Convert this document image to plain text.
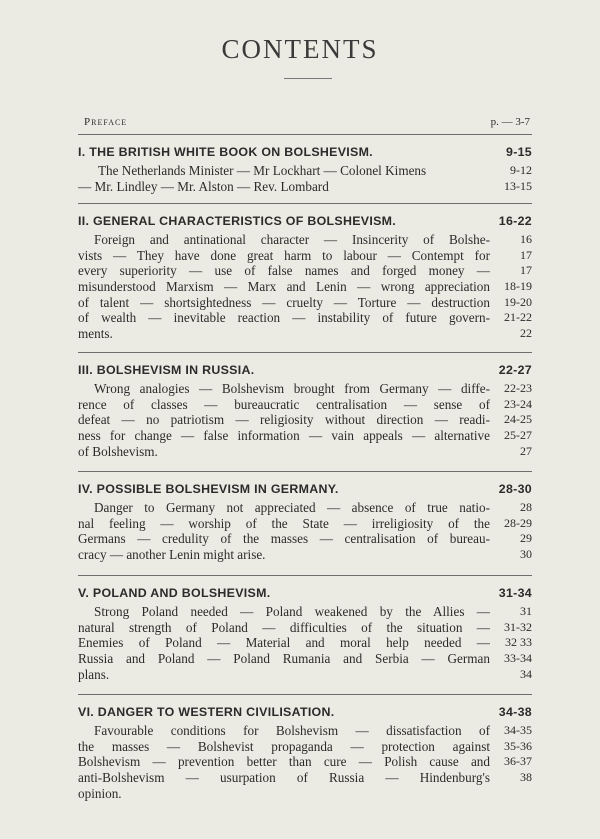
CONTENTS
Preface	p. — 3-7
I. THE BRITISH WHITE BOOK ON BOLSHEVISM.	9-15
The Netherlands Minister — Mr Lockhart — Colonel Kimens	9-12
— Mr. Lindley — Mr. Alston — Rev. Lombard	13-15
II. GENERAL CHARACTERISTICS OF BOLSHEVISM.	16-22
Foreign and antinational character — Insincerity of Bolshe-	16
vists — They have done great harm to labour — Contempt for	17
every superiority — use of false names and forged money —	17
misunderstood Marxism — Marx and Lenin — wrong appreciation 18-19
of talent — shortsightedness — cruelty — Torture — destruction 19-20
of wealth — inevitable reaction — instability of future govern- 21-22
ments.	22
III. BOLSHEVISM IN RUSSIA.	22-27
Wrong analogies — Bolshevism brought from Germany — diffe- 22-23
rence of classes — bureaucratic centralisation — sense of 23-24
defeat — no patriotism — religiosity without direction — readi- 24-25
ness for change — false information — vain appeals — alternative 25-27
of Bolshevism.	27
IV. POSSIBLE BOLSHEVISM IN GERMANY.	28-30
Danger to Germany not appreciated — absence of true natio-	28
nal feeling — worship of the State — irreligiosity of the 28-29
Germans — credulity of the masses — centralisation of bureau-	29
cracy — another Lenin might arise.	30
V. POLAND AND BOLSHEVISM.	31-34
Strong Poland needed — Poland weakened by the Allies —	31
natural strength of Poland — difficulties of the situation — 31-32
Enemies of Poland — Material and moral help needed — 32 33
Russia and Poland — Poland Rumania and Serbia — German 33-34
plans.	34
VI. DANGER TO WESTERN CIVILISATION.	34-38
Favourable conditions for Bolshevism — dissatisfaction of 34-35
the masses — Bolshevist propaganda — protection against 35-36
Bolshevism — prevention better than cure — Polish cause and 36-37
anti-Bolshevism — usurpation of Russia — Hindenburg's	38
opinion.
